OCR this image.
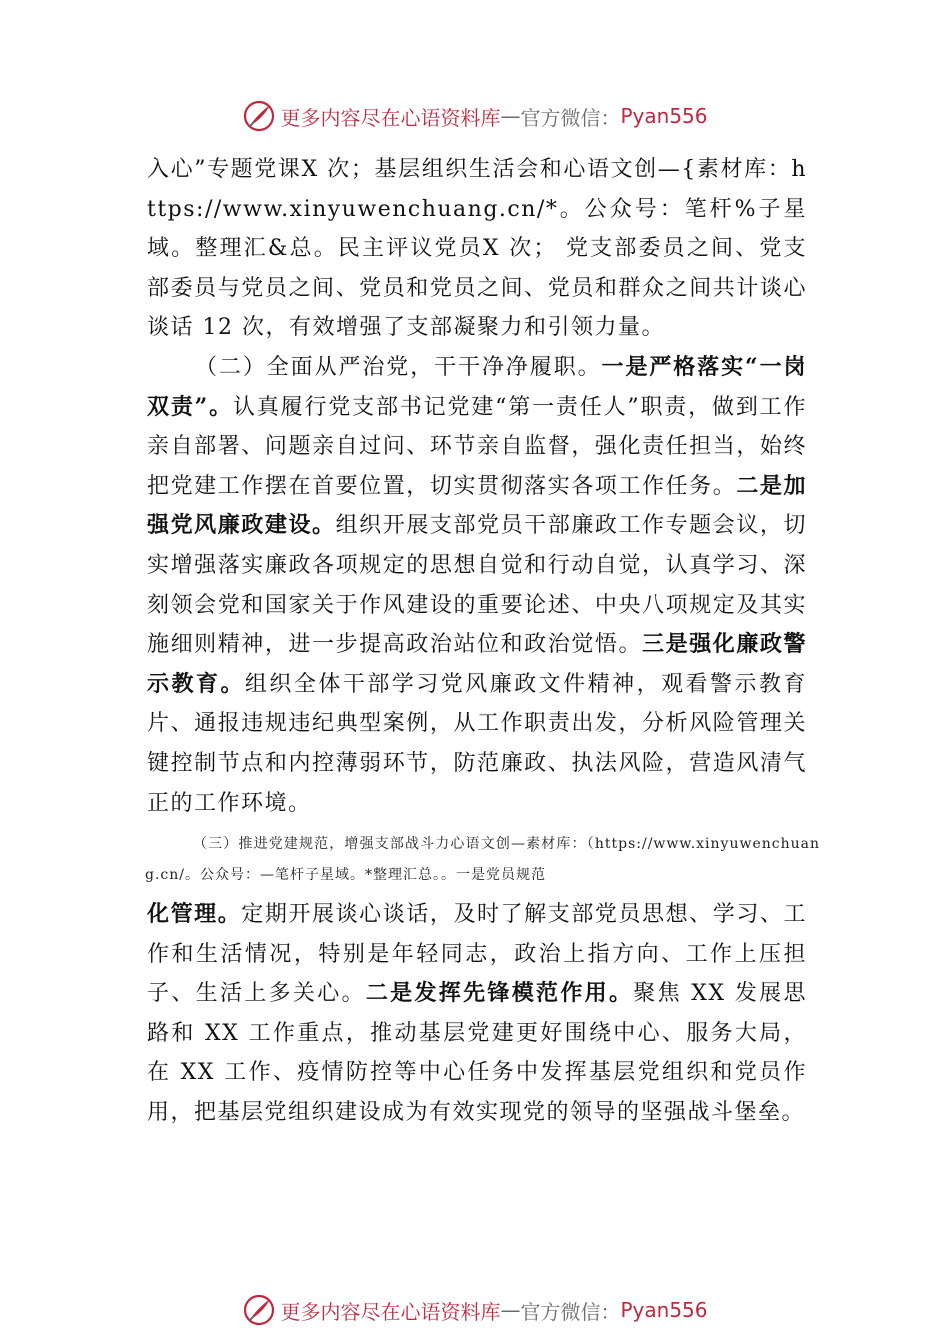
更多内容尽在心语资料库 — 官方微信： Pyan556

入心”专题党课X 次；基层组织生活会和心语文创—{素材库：https://www.xinyuwenchuang.cn/*。公众号：笔杆%子星域。整理汇&总。民主评议党员X 次； 党支部委员之间、党支部委员与党员之间、党员和党员之间、党员和群众之间共计谈心谈话 12 次，有效增强了支部凝聚力和引领力量。

（二）全面从严治党，干干净净履职。一是严格落实“一岗双责”。认真履行党支部书记党建“第一责任人”职责，做到工作亲自部署、问题亲自过问、环节亲自监督，强化责任担当，始终把党建工作摆在首要位置，切实贯彻落实各项工作任务。二是加强党风廉政建设。组织开展支部党员干部廉政工作专题会议，切实增强落实廉政各项规定的思想自觉和行动自觉，认真学习、深刻领会党和国家关于作风建设的重要论述、中央八项规定及其实施细则精神，进一步提高政治站位和政治觉悟。三是强化廉政警示教育。组织全体干部学习党风廉政文件精神，观看警示教育片、通报违规违纪典型案例，从工作职责出发，分析风险管理关键控制节点和内控薄弱环节，防范廉政、执法风险，营造风清气正的工作环境。

（三）推进党建规范，增强支部战斗力心语文创—素材库：（https://www.xinyuwenchuang.cn/。公众号：—笔杆子星域。*整理汇总。。一是党员规范

化管理。定期开展谈心谈话，及时了解支部党员思想、学习、工作和生活情况，特别是年轻同志，政治上指方向、工作上压担子、生活上多关心。二是发挥先锋模范作用。聚焦 XX 发展思路和 XX 工作重点，推动基层党建更好围绕中心、服务大局，在 XX 工作、疫情防控等中心任务中发挥基层党组织和党员作用，把基层党组织建设成为有效实现党的领导的坚强战斗堡垒。

更多内容尽在心语资料库 — 官方微信： Pyan556
